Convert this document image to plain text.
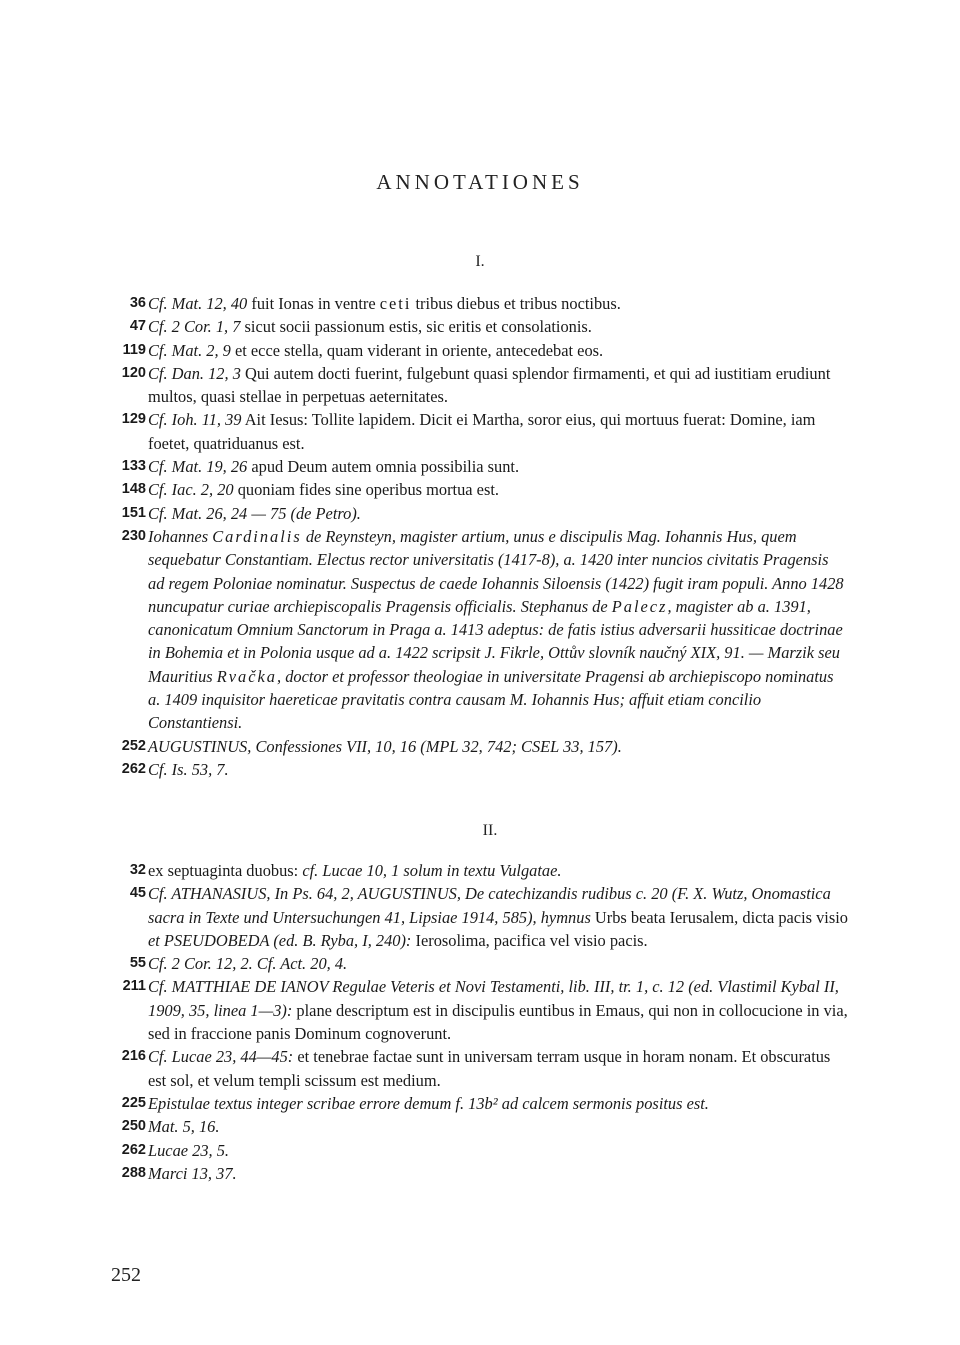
ANNOTATIONES
I.
36 Cf. Mat. 12, 40 fuit Ionas in ventre ceti tribus diebus et tribus noctibus.
47 Cf. 2 Cor. 1, 7 sicut socii passionum estis, sic eritis et consolationis.
119 Cf. Mat. 2, 9 et ecce stella, quam viderant in oriente, antecedebat eos.
120 Cf. Dan. 12, 3 Qui autem docti fuerint, fulgebunt quasi splendor firmamenti, et qui ad iustitiam erudiunt multos, quasi stellae in perpetuas aeternitates.
129 Cf. Ioh. 11, 39 Ait Iesus: Tollite lapidem. Dicit ei Martha, soror eius, qui mortuus fuerat: Domine, iam foetet, quatriduanus est.
133 Cf. Mat. 19, 26 apud Deum autem omnia possibilia sunt.
148 Cf. Iac. 2, 20 quoniam fides sine operibus mortua est.
151 Cf. Mat. 26, 24 — 75 (de Petro).
230 Iohannes Cardinalis de Reynsteyn, magister artium, unus e discipulis Mag. Iohannis Hus, quem sequebatur Constantiam. Electus rector universitatis (1417-8), a. 1420 inter nuncios civitatis Pragensis ad regem Poloniae nominatur. Suspectus de caede Iohannis Siloensis (1422) fugit iram populi. Anno 1428 nuncupatur curiae archiepiscopalis Pragensis officialis. Stephanus de Palecz, magister ab a. 1391, canonicatum Omnium Sanctorum in Praga a. 1413 adeptus: de fatis istius adversarii hussiticae doctrinae in Bohemia et in Polonia usque ad a. 1422 scripsit J. Fikrle, Ottův slovník naučný XIX, 91. — Marzik seu Mauritius Rvačka, doctor et professor theologiae in universitate Pragensi ab archiepiscopo nominatus a. 1409 inquisitor haereticae pravitatis contra causam M. Iohannis Hus; affuit etiam concilio Constantiensi.
252 AUGUSTINUS, Confessiones VII, 10, 16 (MPL 32, 742; CSEL 33, 157).
262 Cf. Is. 53, 7.
II.
32 ex septuaginta duobus: cf. Lucae 10, 1 solum in textu Vulgatae.
45 Cf. ATHANASIUS, In Ps. 64, 2, AUGUSTINUS, De catechizandis rudibus c. 20 (F. X. Wutz, Onomastica sacra in Texte und Untersuchungen 41, Lipsiae 1914, 585), hymnus Urbs beata Ierusalem, dicta pacis visio et PSEUDOBEDA (ed. B. Ryba, I, 240): Ierosolima, pacifica vel visio pacis.
55 Cf. 2 Cor. 12, 2. Cf. Act. 20, 4.
211 Cf. MATTHIAE DE IANOV Regulae Veteris et Novi Testamenti, lib. III, tr. 1, c. 12 (ed. Vlastimil Kybal II, 1909, 35, linea 1—3): plane descriptum est in discipulis euntibus in Emaus, qui non in collocucione in via, sed in fraccione panis Dominum cognoverunt.
216 Cf. Lucae 23, 44—45: et tenebrae factae sunt in universam terram usque in horam nonam. Et obscuratus est sol, et velum templi scissum est medium.
225 Epistulae textus integer scribae errore demum f. 13b² ad calcem sermonis positus est.
250 Mat. 5, 16.
262 Lucae 23, 5.
288 Marci 13, 37.
252
